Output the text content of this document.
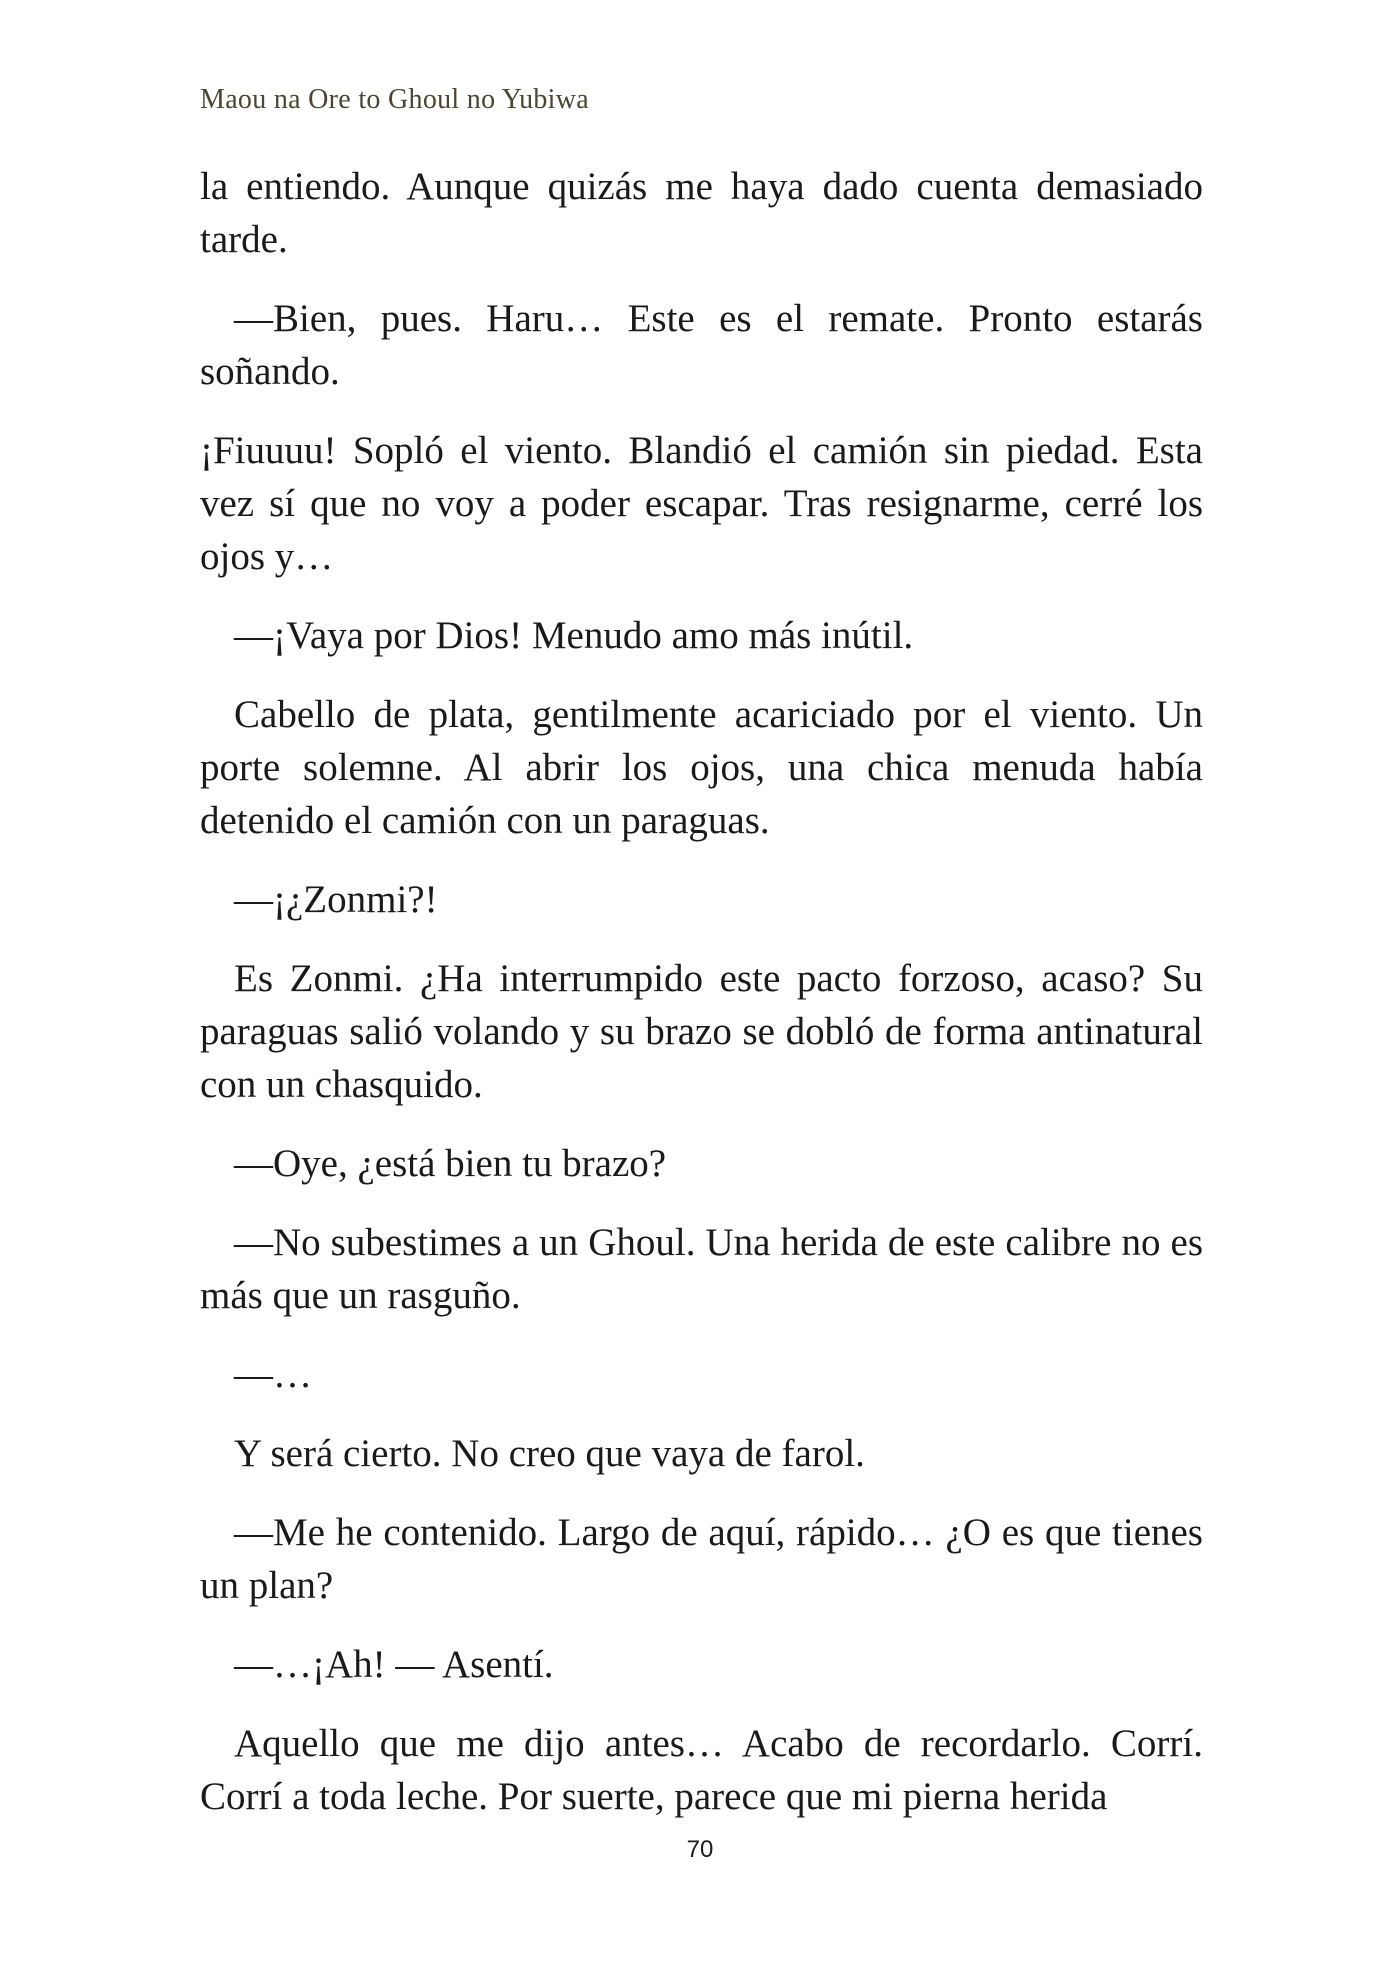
Maou na Ore to Ghoul no Yubiwa

la entiendo. Aunque quizás me haya dado cuenta demasiado tarde.

—Bien, pues. Haru… Este es el remate. Pronto estarás soñando.

¡Fiuuuu! Sopló el viento. Blandió el camión sin piedad. Esta vez sí que no voy a poder escapar. Tras resignarme, cerré los ojos y…

—¡Vaya por Dios! Menudo amo más inútil.

Cabello de plata, gentilmente acariciado por el viento. Un porte solemne. Al abrir los ojos, una chica menuda había detenido el camión con un paraguas.

—¡¿Zonmi?!

Es Zonmi. ¿Ha interrumpido este pacto forzoso, acaso? Su paraguas salió volando y su brazo se dobló de forma antinatural con un chasquido.

—Oye, ¿está bien tu brazo?

—No subestimes a un Ghoul. Una herida de este calibre no es más que un rasguño.

—…

Y será cierto. No creo que vaya de farol.

—Me he contenido. Largo de aquí, rápido… ¿O es que tienes un plan?

—…¡Ah! — Asentí.

Aquello que me dijo antes… Acabo de recordarlo. Corrí. Corrí a toda leche. Por suerte, parece que mi pierna herida

70
